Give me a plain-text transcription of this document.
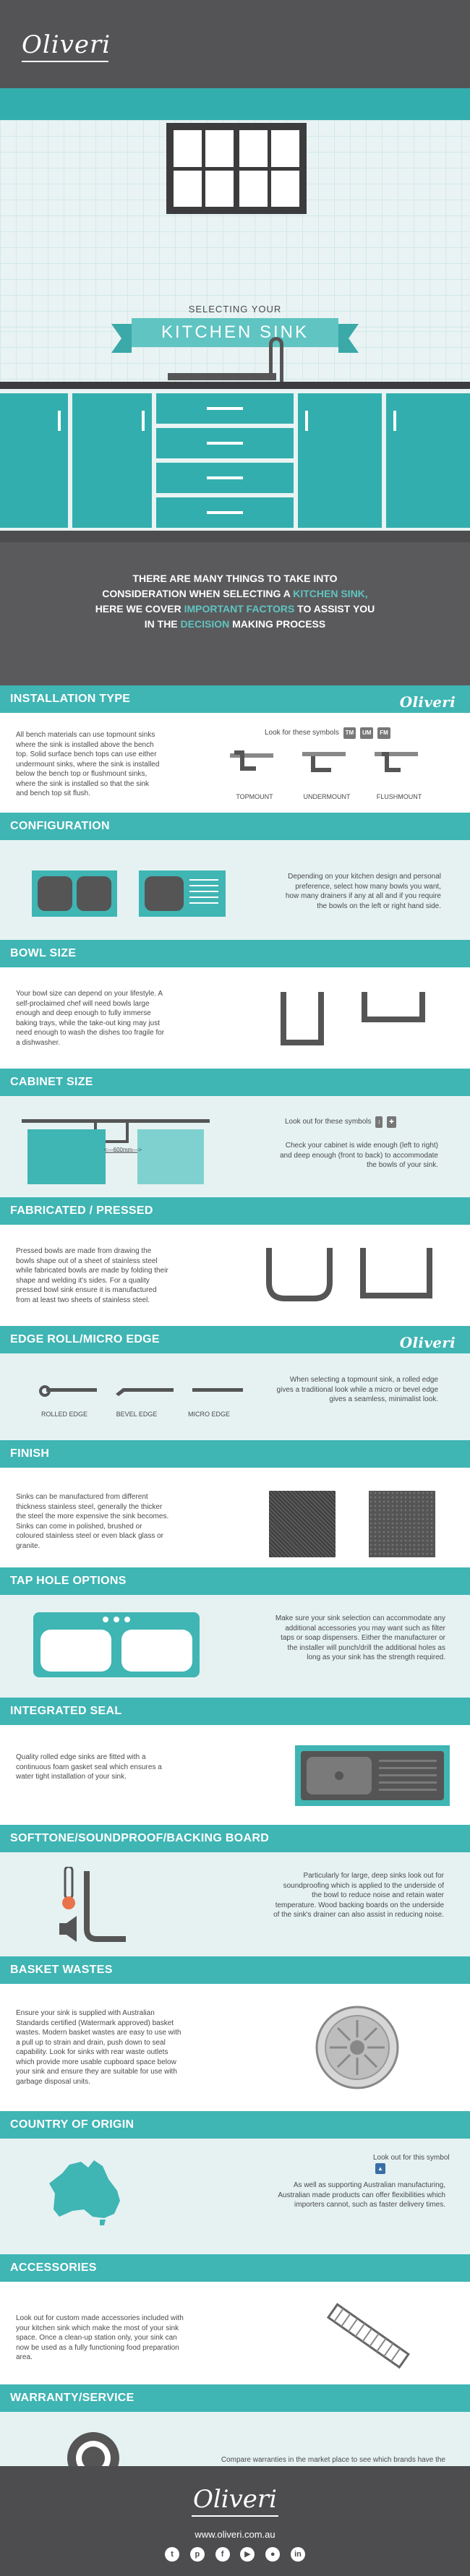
Oliveri
SELECTING YOUR
KITCHEN SINK
THERE ARE MANY THINGS TO TAKE INTO
CONSIDERATION WHEN SELECTING A KITCHEN SINK,
HERE WE COVER IMPORTANT FACTORS TO ASSIST YOU
IN THE DECISION MAKING PROCESS
INSTALLATION TYPE	Oliveri
All bench materials can use topmount sinks where the sink is installed above the bench top. Solid surface bench tops can use either undermount sinks, where the sink is installed below the bench top or flushmount sinks, where the sink is installed so that the sink and bench top sit flush.
Look for these symbols TM UM FM
TOPMOUNT	UNDERMOUNT	FLUSHMOUNT
CONFIGURATION
Depending on your kitchen design and personal preference, select how many bowls you want, how many drainers if any at all and if you require the bowls on the left or right hand side.
BOWL SIZE
Your bowl size can depend on your lifestyle. A self-proclaimed chef will need bowls large enough and deep enough to fully immerse baking trays, while the take-out king may just need enough to wash the dishes too fragile for a dishwasher.
CABINET SIZE
<—600mm—>
Look out for these symbols ↕ ✚
Check your cabinet is wide enough (left to right) and deep enough (front to back) to accommodate the bowls of your sink.
FABRICATED / PRESSED
Pressed bowls are made from drawing the bowls shape out of a sheet of stainless steel while fabricated bowls are made by folding their shape and welding it's sides. For a quality pressed bowl sink ensure it is manufactured from at least two sheets of stainless steel.
EDGE ROLL/MICRO EDGE	Oliveri
ROLLED EDGE	BEVEL EDGE	MICRO EDGE
When selecting a topmount sink, a rolled edge gives a traditional look while a micro or bevel edge gives a seamless, minimalist look.
FINISH
Sinks can be manufactured from different thickness stainless steel, generally the thicker the steel the more expensive the sink becomes. Sinks can come in polished, brushed or coloured stainless steel or even black glass or granite.
TAP HOLE OPTIONS
Make sure your sink selection can accommodate any additional accessories you may want such as filter taps or soap dispensers. Either the manufacturer or the installer will punch/drill the additional holes as long as your sink has the strength required.
INTEGRATED SEAL
Quality rolled edge sinks are fitted with a continuous foam gasket seal which ensures a water tight installation of your sink.
SOFTTONE/SOUNDPROOF/BACKING BOARD
Particularly for large, deep sinks look out for soundproofing which is applied to the underside of the bowl to reduce noise and retain water temperature. Wood backing boards on the underside of the sink's drainer can also assist in reducing noise.
BASKET WASTES
Ensure your sink is supplied with Australian Standards certified (Watermark approved) basket wastes. Modern basket wastes are easy to use with a pull up to strain and drain, push down to seal capability. Look for sinks with rear waste outlets which provide more usable cupboard space below your sink and ensure they are suitable for use with garbage disposal units.
COUNTRY OF ORIGIN
Look out for this symbol ▲
As well as supporting Australian manufacturing, Australian made products can offer flexibilities which importers cannot, such as faster delivery times.
ACCESSORIES
Look out for custom made accessories included with your kitchen sink which make the most of your sink space. Once a clean-up station only, your sink can now be used as a fully functioning food preparation area.
WARRANTY/SERVICE
Compare warranties in the market place to see which brands have the
Oliveri
www.oliveri.com.au
t	p	f	▶ ● in
